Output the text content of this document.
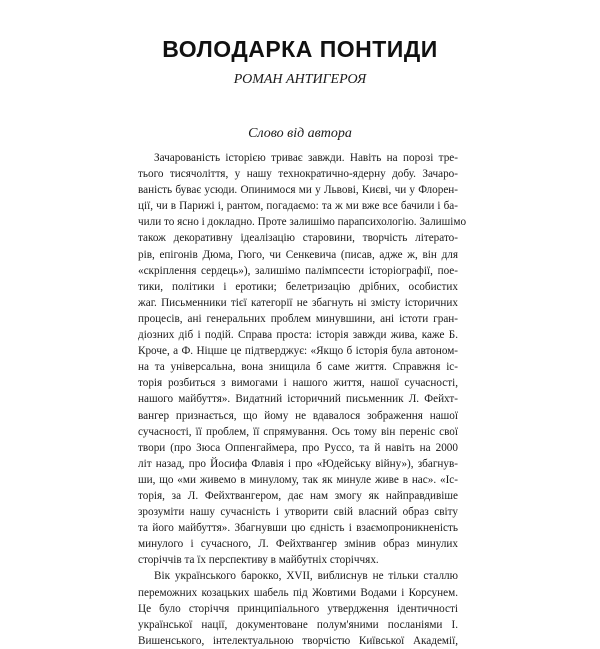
ВОЛОДАРКА ПОНТИДИ
РОМАН АНТИГЕРОЯ
Слово від автора
Зачарованість історією триває завжди. Навіть на порозі тре-
тього тисячоліття, у нашу технократично-ядерну добу. Зачаро-
ваність буває усюди. Опинимося ми у Львові, Києві, чи у Флорен-
ції, чи в Парижі і, рантом, погадаємо: та ж ми вже все бачили і ба-
чили то ясно і докладно. Проте залишімо парапсихологію. Залишімо
також декоративну ідеалізацію старовини, творчість літерато-
рів, епігонів Дюма, Гюго, чи Сенкевича (писав, адже ж, він для
«скріплення сердець»), залишімо палімпсести історіографії, пое-
тики, політики і еротики; белетризацію дрібних, особистих
жаг. Письменники тієї категорії не збагнуть ні змісту історичних
процесів, ані генеральних проблем минувшини, ані істоти гран-
діозних діб і подій. Справа проста: історія завжди жива, каже Б.
Кроче, а Ф. Ніцше це підтверджує: «Якщо б історія була автоном-
на та універсальна, вона знищила б саме життя. Справжня іс-
торія розбиться з вимогами і нашого життя, нашої сучасності,
нашого майбуття». Видатний історичний письменник Л. Фейхт-
вангер признається, що йому не вдавалося зображення нашої
сучасності, її проблем, її спрямування. Ось тому він переніс свої
твори (про Зюса Оппенгаймера, про Руссо, та й навіть на 2000
літ назад, про Йосифа Флавія і про «Юдейську війну»), збагнув-
ши, що «ми живемо в минулому, так як минуле живе в нас». «Іс-
торія, за Л. Фейхтвангером, дає нам змогу як найправдивіше
зрозуміти нашу сучасність і утворити свій власний образ світу
та його майбуття». Збагнувши цю єдність і взаємопроникненість
минулого і сучасного, Л. Фейхтвангер змінив образ минулих
сторіччів та їх перспективу в майбутніх сторіччях.
Вік українського барокко, XVII, виблиснув не тільки сталлю
переможних козацьких шабель під Жовтими Водами і Корсунем.
Це було сторіччя принципіального утвердження ідентичності
української нації, документоване полум'яними посланіями І.
Вишенського, інтелектуальною творчістю Київської Академії,
